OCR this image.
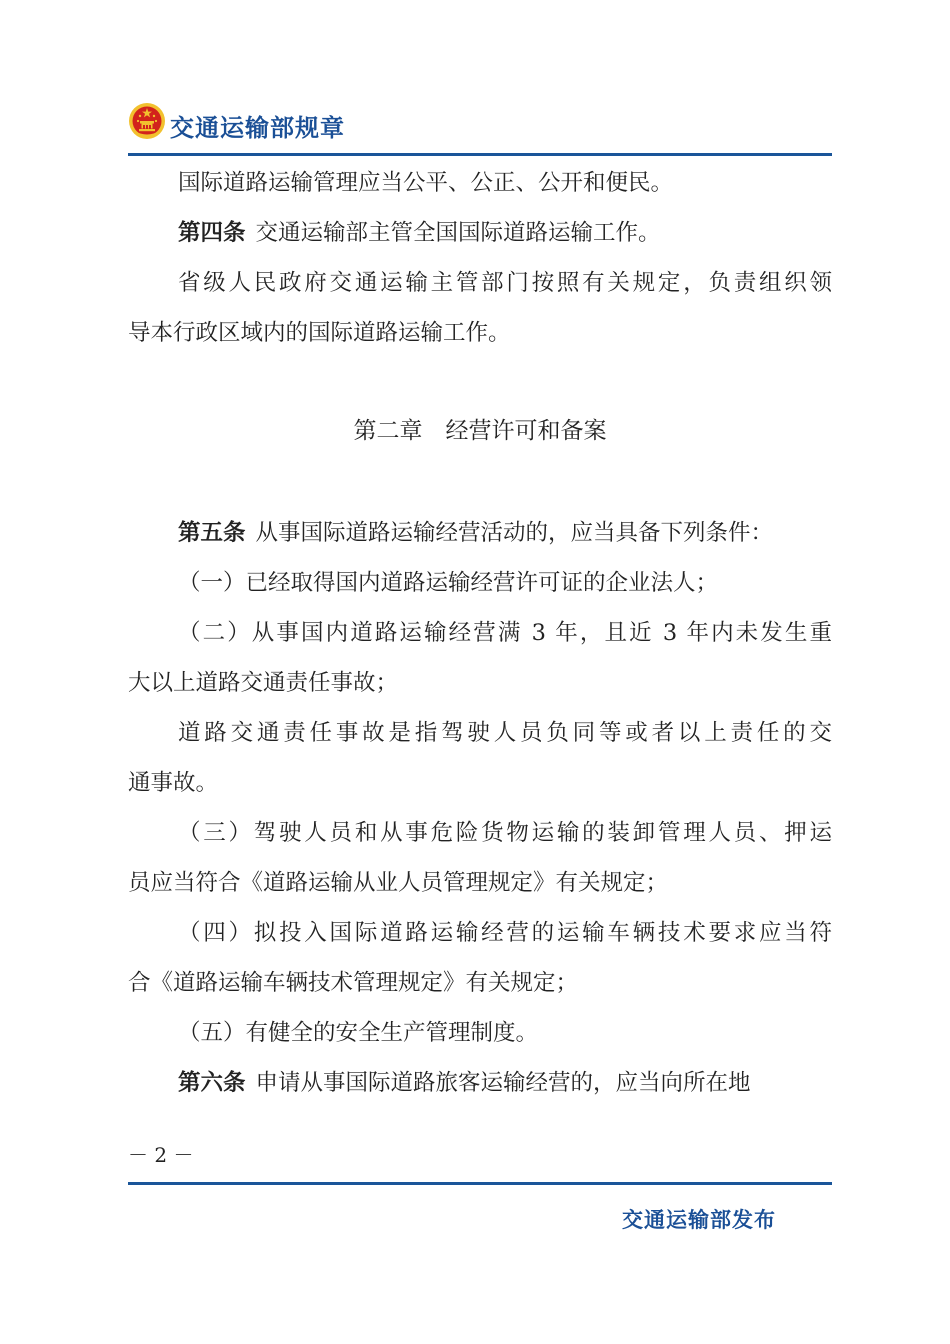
交通运输部规章
国际道路运输管理应当公平、公正、公开和便民。
第四条 交通运输部主管全国国际道路运输工作。
省级人民政府交通运输主管部门按照有关规定，负责组织领
导本行政区域内的国际道路运输工作。
第二章　经营许可和备案
第五条 从事国际道路运输经营活动的，应当具备下列条件：
（一）已经取得国内道路运输经营许可证的企业法人；
（二）从事国内道路运输经营满 3 年，且近 3 年内未发生重
大以上道路交通责任事故；
道路交通责任事故是指驾驶人员负同等或者以上责任的交
通事故。
（三）驾驶人员和从事危险货物运输的装卸管理人员、押运
员应当符合《道路运输从业人员管理规定》有关规定；
（四）拟投入国际道路运输经营的运输车辆技术要求应当符
合《道路运输车辆技术管理规定》有关规定；
（五）有健全的安全生产管理制度。
第六条 申请从事国际道路旅客运输经营的，应当向所在地
－ 2 －
交通运输部发布
